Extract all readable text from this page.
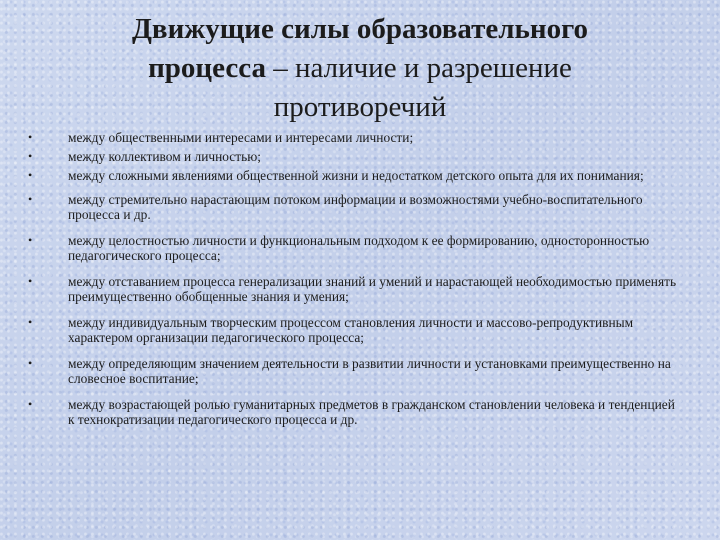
Движущие силы образовательного процесса – наличие и разрешение противоречий
•	между общественными интересами и интересами личности;
•	между коллективом и личностью;
•	между сложными явлениями общественной жизни и недостатком детского опыта для их понимания;
•	между стремительно нарастающим потоком информации и возможностями учебно-воспитательного процесса и др.
•	между целостностью личности и функциональным подходом к ее формированию, односторонностью педагогического процесса;
•	между отставанием процесса генерализации знаний и умений и нарастающей необходимостью применять преимущественно обобщенные знания и умения;
•	между индивидуальным творческим процессом становления личности и массово-репродуктивным характером организации педагогического процесса;
•	между определяющим значением деятельности в развитии личности и установками преимущественно на словесное воспитание;
•	между возрастающей ролью гуманитарных предметов в гражданском становлении человека и тенденцией к технократизации педагогического процесса и др.
